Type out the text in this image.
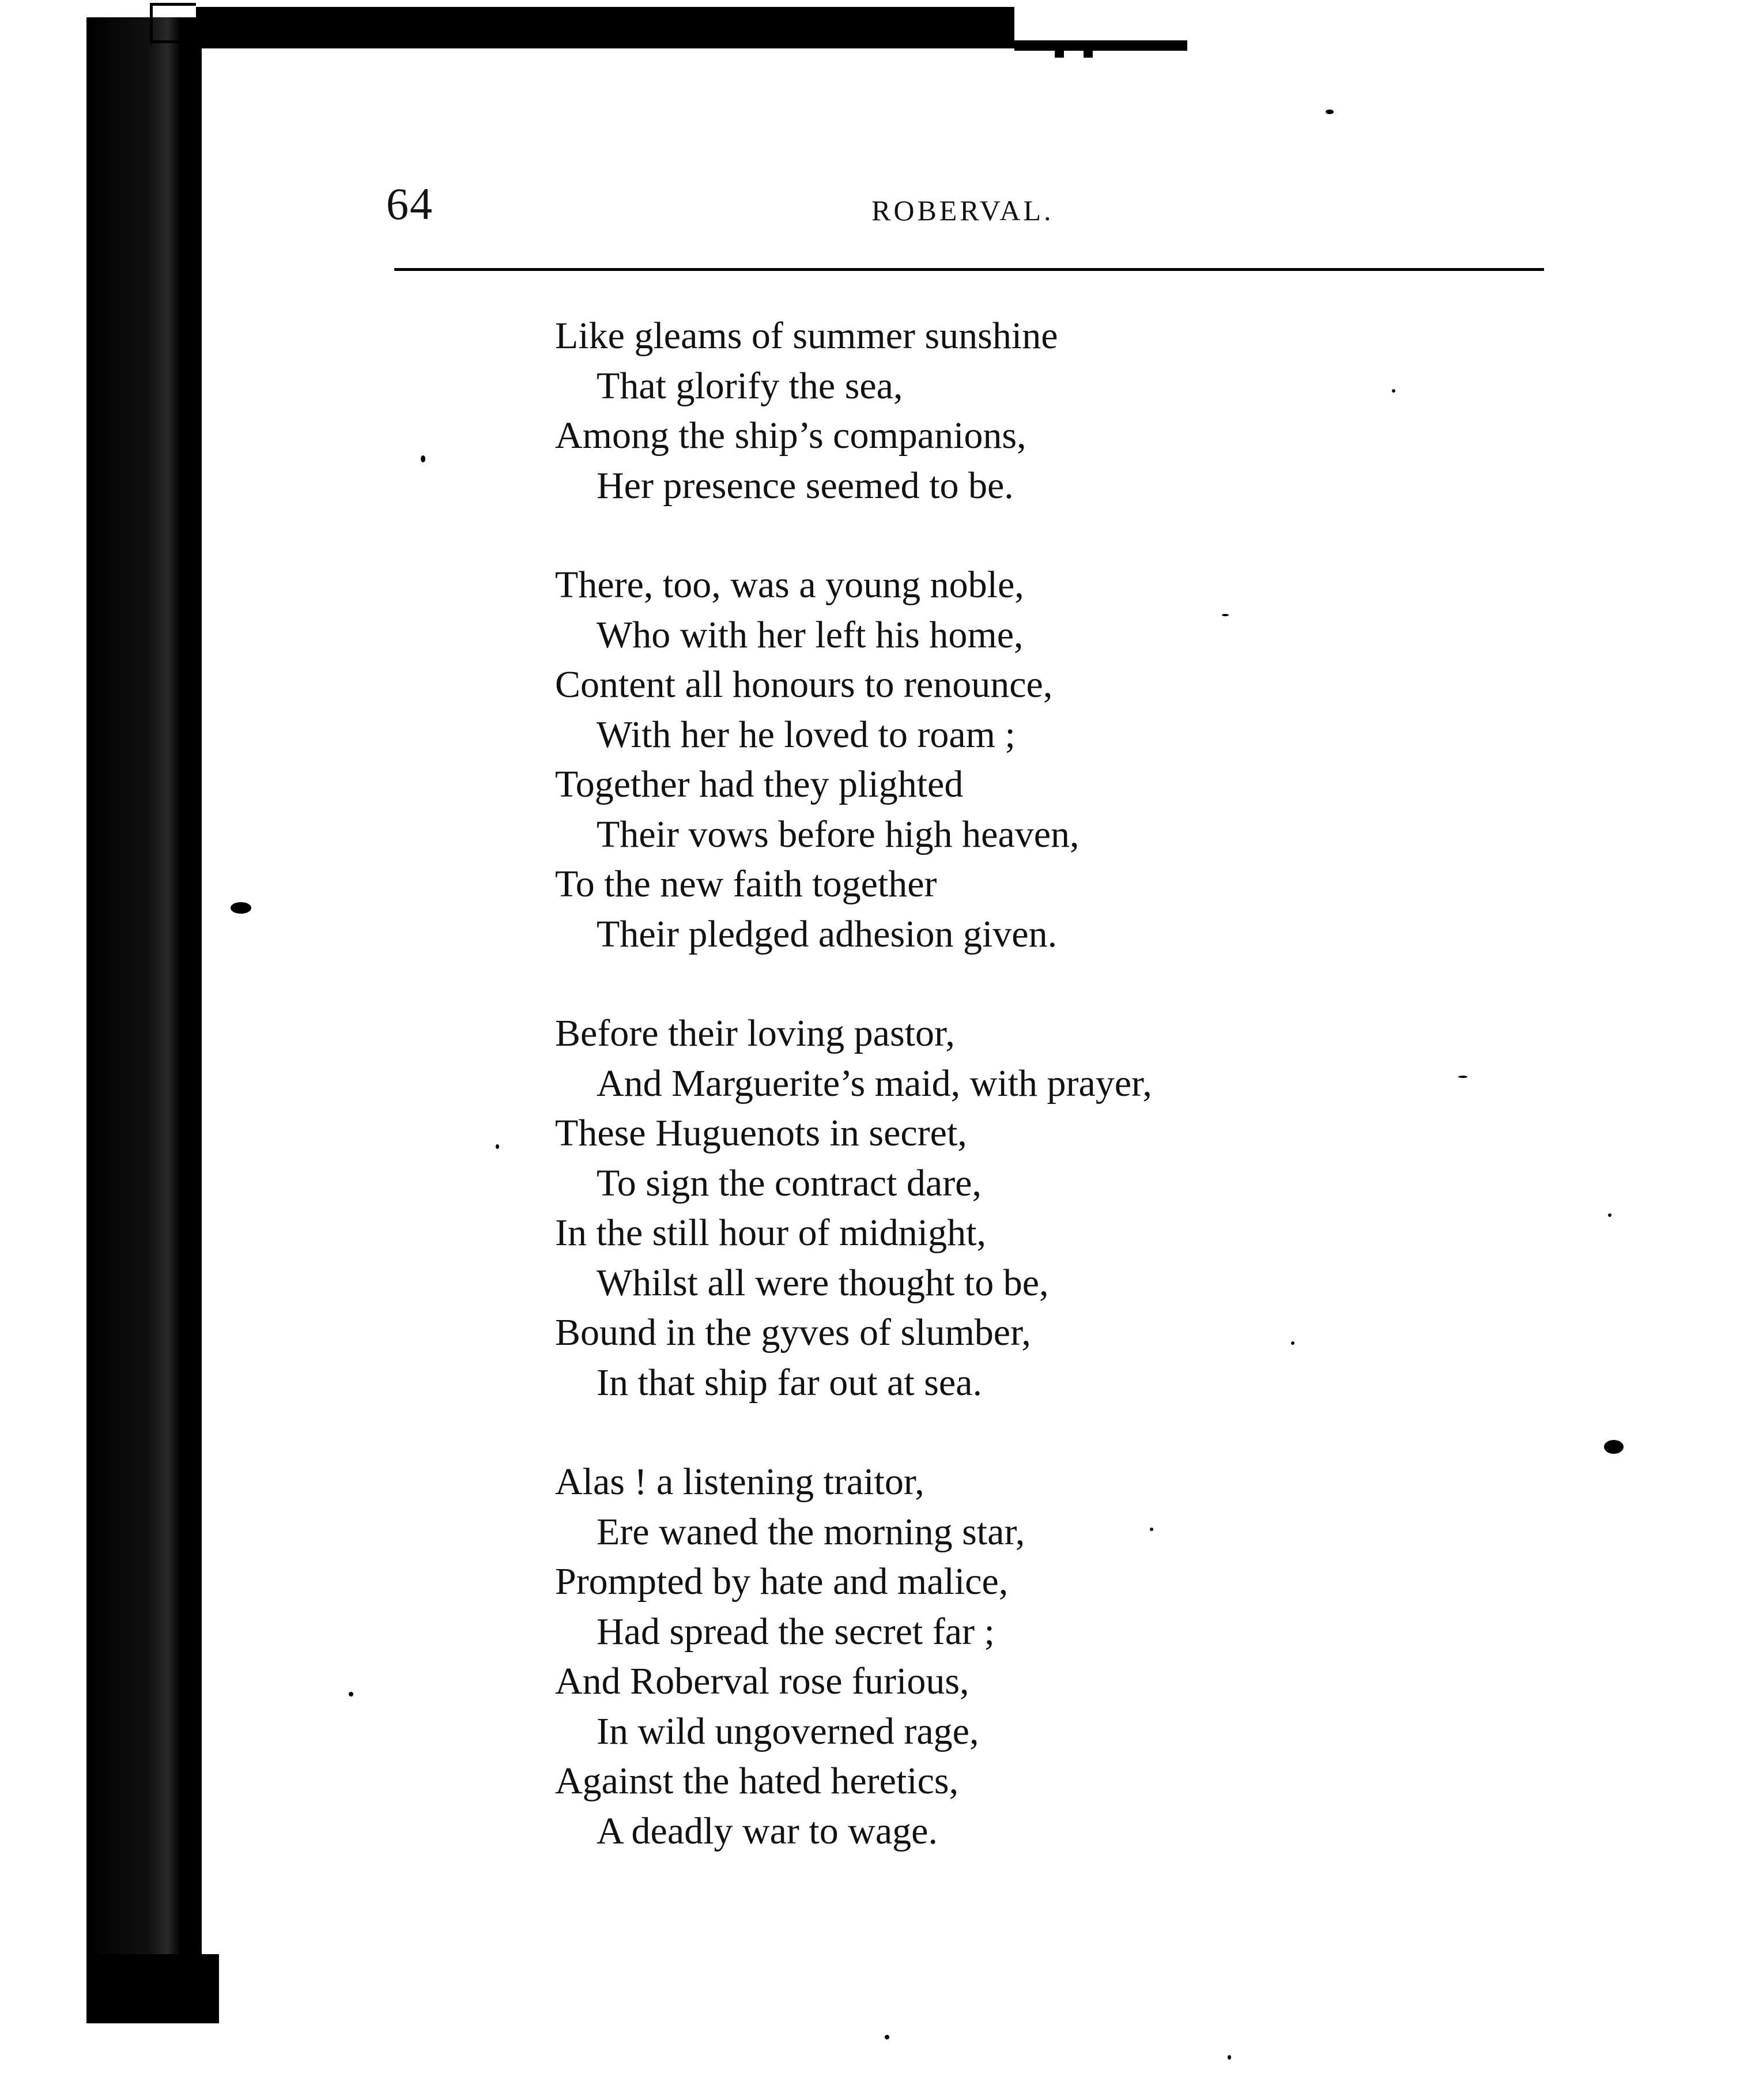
64	ROBERVAL.
Like gleams of summer sunshine
That glorify the sea,
Among the ship’s companions,
Her presence seemed to be.
There, too, was a young noble,
Who with her left his home,
Content all honours to renounce,
With her he loved to roam ;
Together had they plighted
Their vows before high heaven,
To the new faith together
Their pledged adhesion given.
Before their loving pastor,
And Marguerite’s maid, with prayer,
These Huguenots in secret,
To sign the contract dare,
In the still hour of midnight,
Whilst all were thought to be,
Bound in the gyves of slumber,
In that ship far out at sea.
Alas ! a listening traitor,
Ere waned the morning star,
Prompted by hate and malice,
Had spread the secret far ;
And Roberval rose furious,
In wild ungoverned rage,
Against the hated heretics,
A deadly war to wage.
